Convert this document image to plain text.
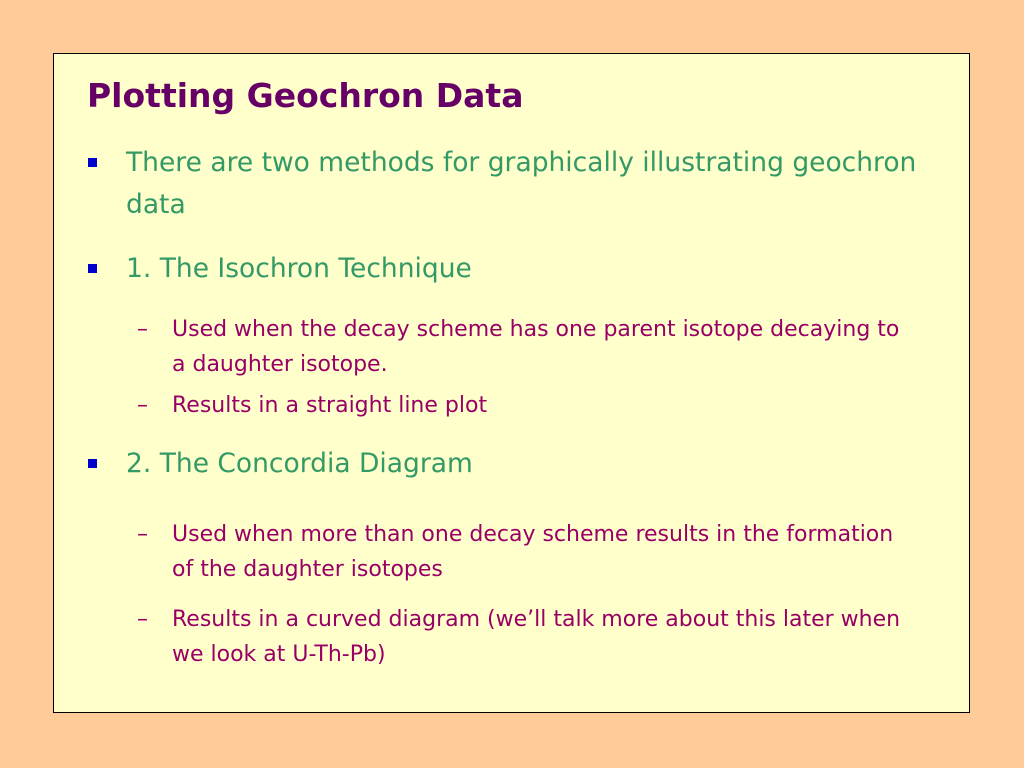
Plotting Geochron Data
There are two methods for graphically illustrating geochron data
1. The Isochron Technique
– Used when the decay scheme has one parent isotope decaying to a daughter isotope.
– Results in a straight line plot
2. The Concordia Diagram
– Used when more than one decay scheme results in the formation of the daughter isotopes
– Results in a curved diagram (we’ll talk more about this later when we look at U-Th-Pb)
